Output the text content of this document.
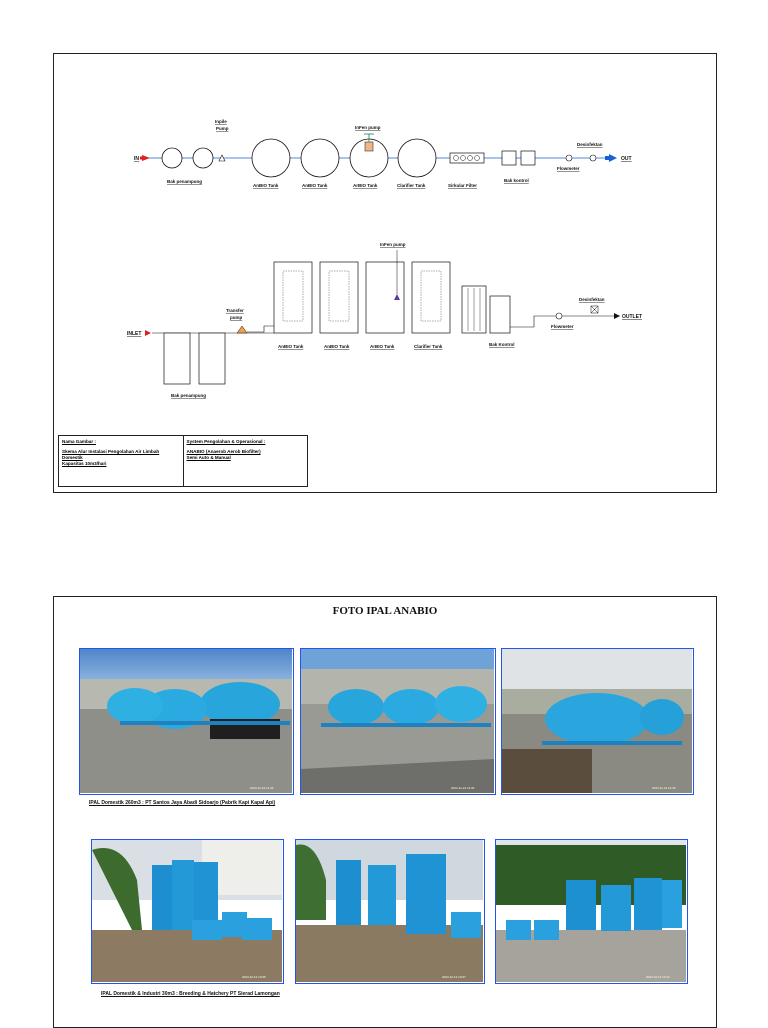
IN
Bak penampung
Inpile
Pump	InFen pump
AnBIO Tank	AnBIO Tank	ArBIO Tank	Clarifier Tank	Sirkular Filter
Bak kontrol
Desinfektan
Flowmeter
OUT
INLET
Bak penampung
Transfer
pump
InFen pump
AnBIO Tank	AnBIO Tank	ArBIO Tank	Clarifier Tank	Bak Kontrol
Flowmeter
Desinfektan
OUTLET
Nama Gambar :
Skema Alur Instalasi Pengolahan Air Limbah Domestik
Kapasitas 10m3/hari
System Pengolahan & Operasional :
ANABIO (Anaerob Aerob Biofilter)
Semi Auto & Manual
FOTO IPAL ANABIO
2023-11-24 14:32	2023-11-24 14:34	2023-11-24 14:40
IPAL Domestik 260m3 : PT Santos Jaya Abadi Sidoarjo (Pabrik Kapi Kapal Api)
2023-10-12 10:05	2023-10-12 10:07	2023-10-12 10:12
IPAL Domestik & Industri 30m3 : Breeding & Hatchery PT Sierad Lamongan
